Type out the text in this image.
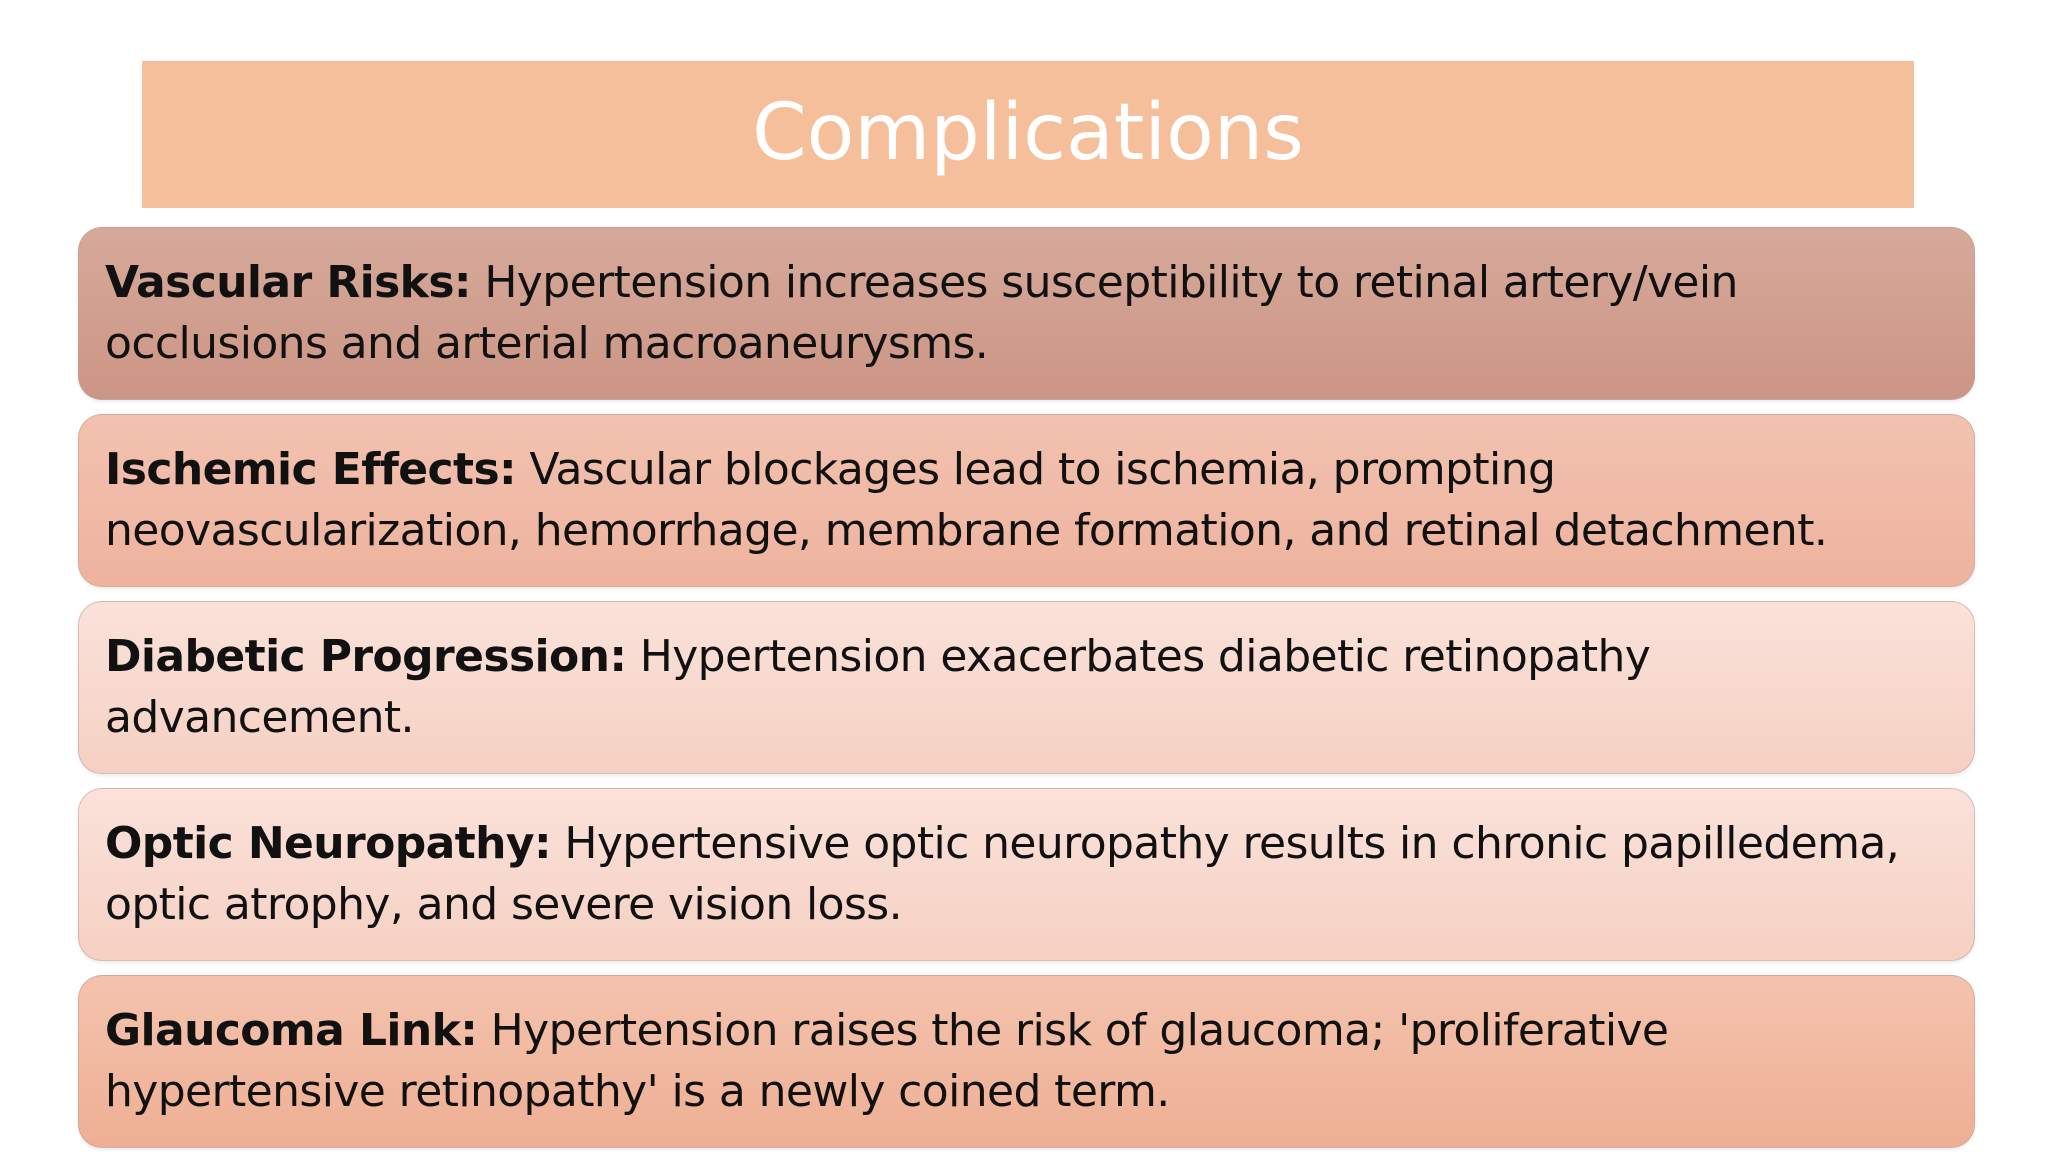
Complications
Vascular Risks: Hypertension increases susceptibility to retinal artery/vein occlusions and arterial macroaneurysms.
Ischemic Effects: Vascular blockages lead to ischemia, prompting neovascularization, hemorrhage, membrane formation, and retinal detachment.
Diabetic Progression: Hypertension exacerbates diabetic retinopathy advancement.
Optic Neuropathy: Hypertensive optic neuropathy results in chronic papilledema, optic atrophy, and severe vision loss.
Glaucoma Link: Hypertension raises the risk of glaucoma; 'proliferative hypertensive retinopathy' is a newly coined term.
